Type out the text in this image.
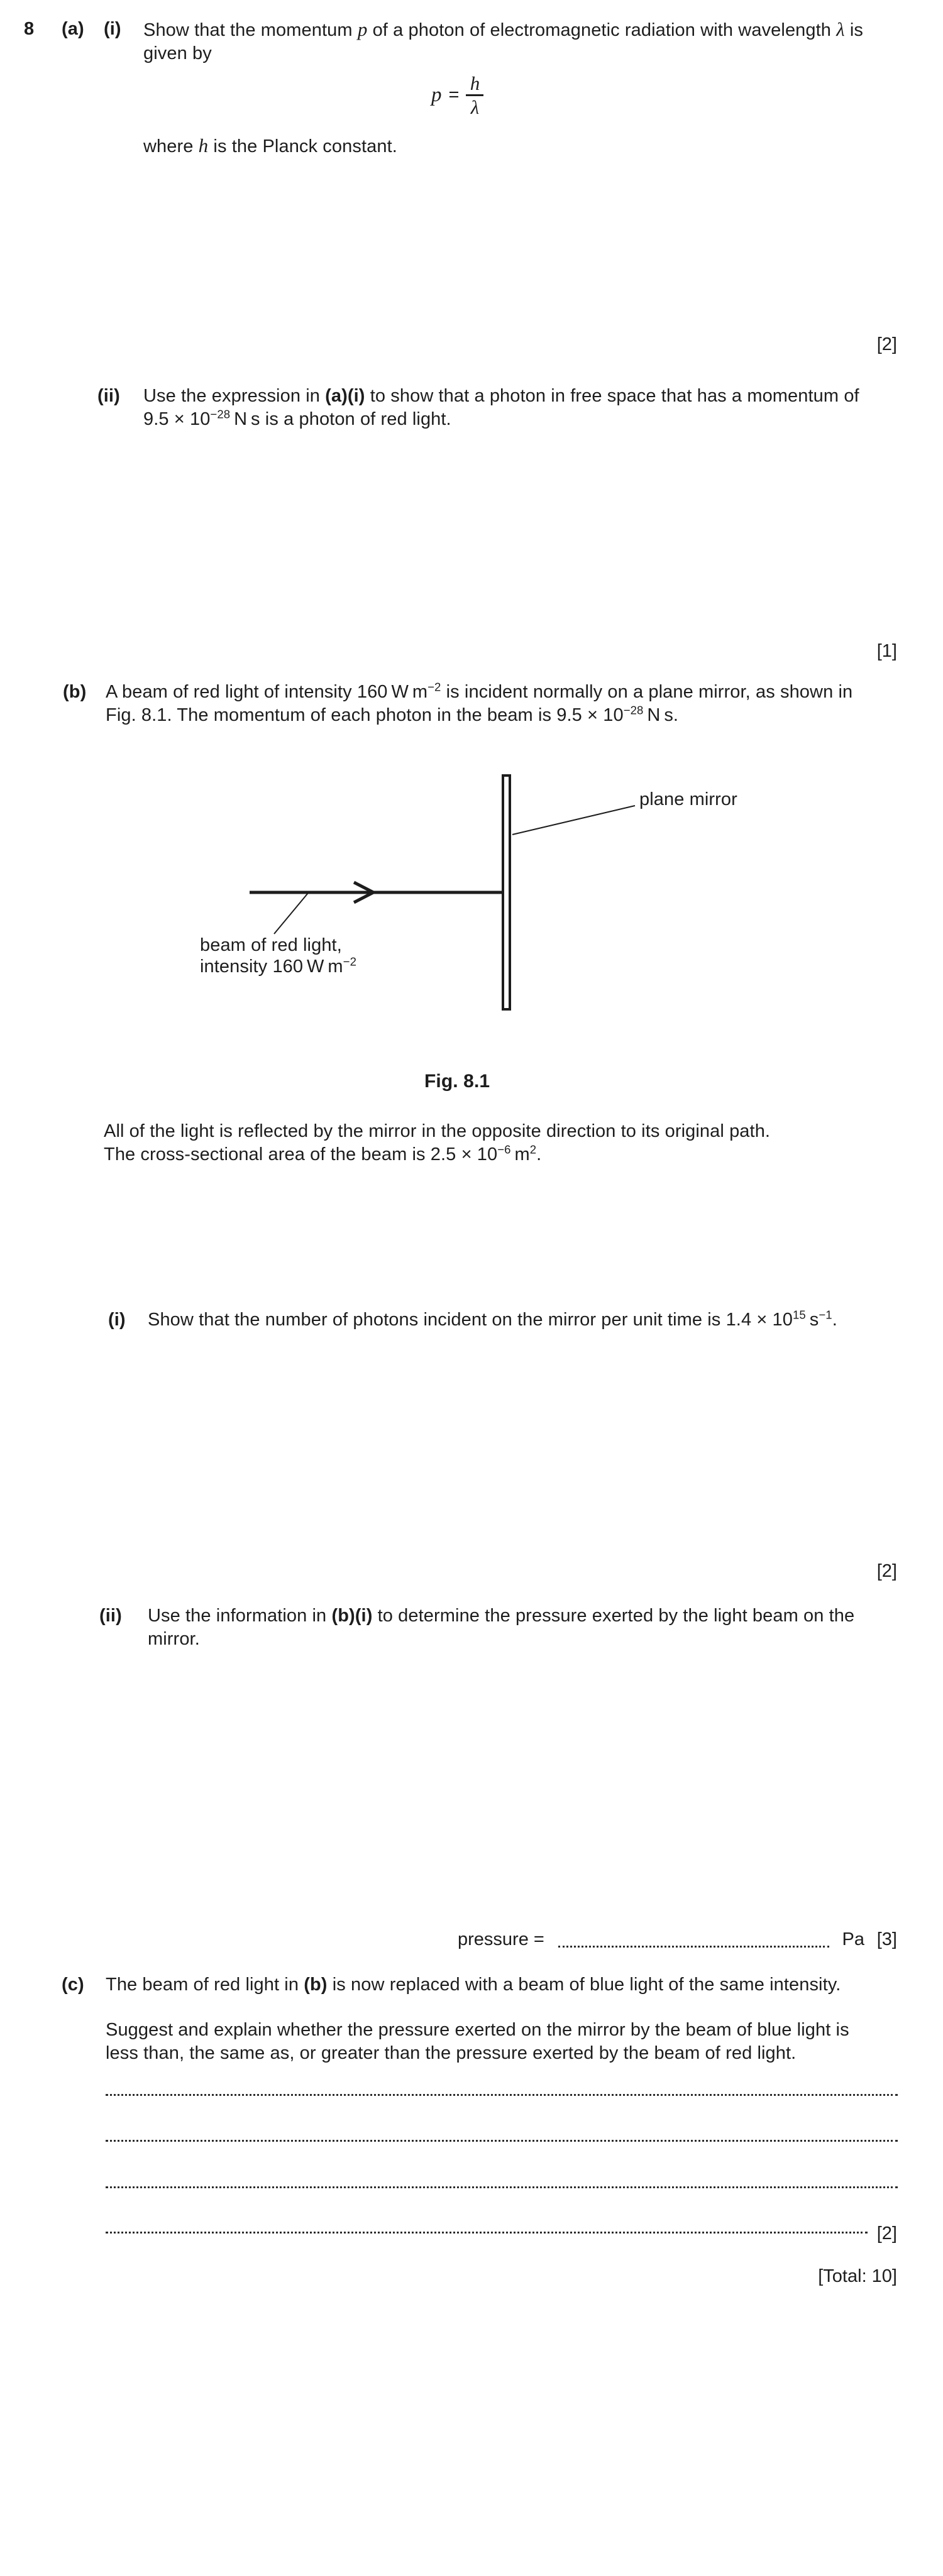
8 (a) (i) Show that the momentum p of a photon of electromagnetic radiation with wavelength λ is
given by
$p = \frac{h}{\lambda}$
where h is the Planck constant.
[2]
(ii) Use the expression in (a)(i) to show that a photon in free space that has a momentum of
$9.5 \times 10^{-28}$ N s is a photon of red light.
[1]
(b) A beam of red light of intensity 160 W $m^{-2}$ is incident normally on a plane mirror, as shown in
Fig. 8.1. The momentum of each photon in the beam is $9.5 \times 10^{-28}$ N s.
plane mirror
beam of red light,
intensity 160 W $m^{-2}$
Fig. 8.1
All of the light is reflected by the mirror in the opposite direction to its original path.
The cross-sectional area of the beam is $2.5 \times 10^{-6}$ $m^2$.
(i) Show that the number of photons incident on the mirror per unit time is $1.4 \times 10^{15}$ $s^{-1}$.
[2]
(ii) Use the information in (b)(i) to determine the pressure exerted by the light beam on the
mirror.
pressure =	Pa [3]
(c) The beam of red light in (b) is now replaced with a beam of blue light of the same intensity.
Suggest and explain whether the pressure exerted on the mirror by the beam of blue light is
less than, the same as, or greater than the pressure exerted by the beam of red light.
[2]
[Total: 10]
